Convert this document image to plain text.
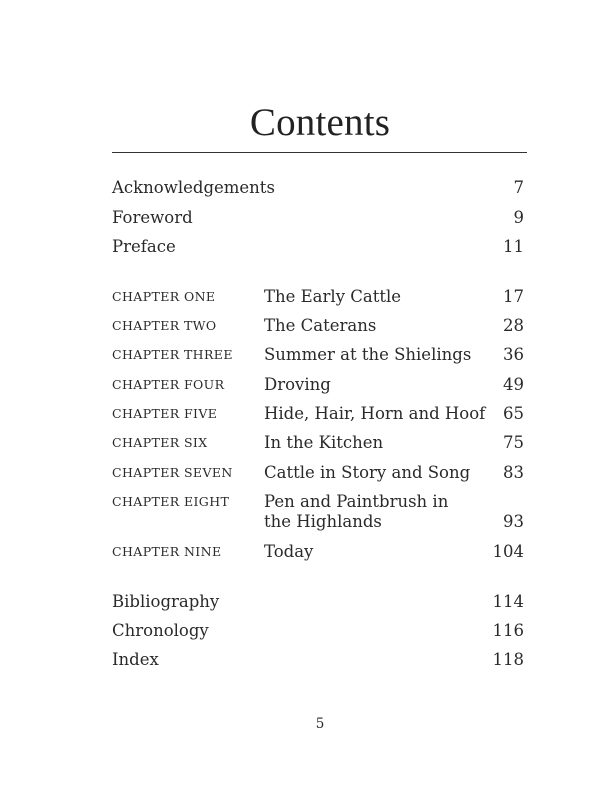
Contents
Acknowledgements	7
Foreword	9
Preface	11
CHAPTER ONE	The Early Cattle	17
CHAPTER TWO	The Caterans	28
CHAPTER THREE Summer at the Shielings 36
CHAPTER FOUR Droving	49
CHAPTER FIVE	Hide, Hair, Horn and Hoof 65
CHAPTER SIX	In the Kitchen	75
CHAPTER SEVEN Cattle in Story and Song 83
CHAPTER EIGHT Pen and Paintbrush in
the Highlands	93
CHAPTER NINE	Today	104
Bibliography	114
Chronology	116
Index	118
5
